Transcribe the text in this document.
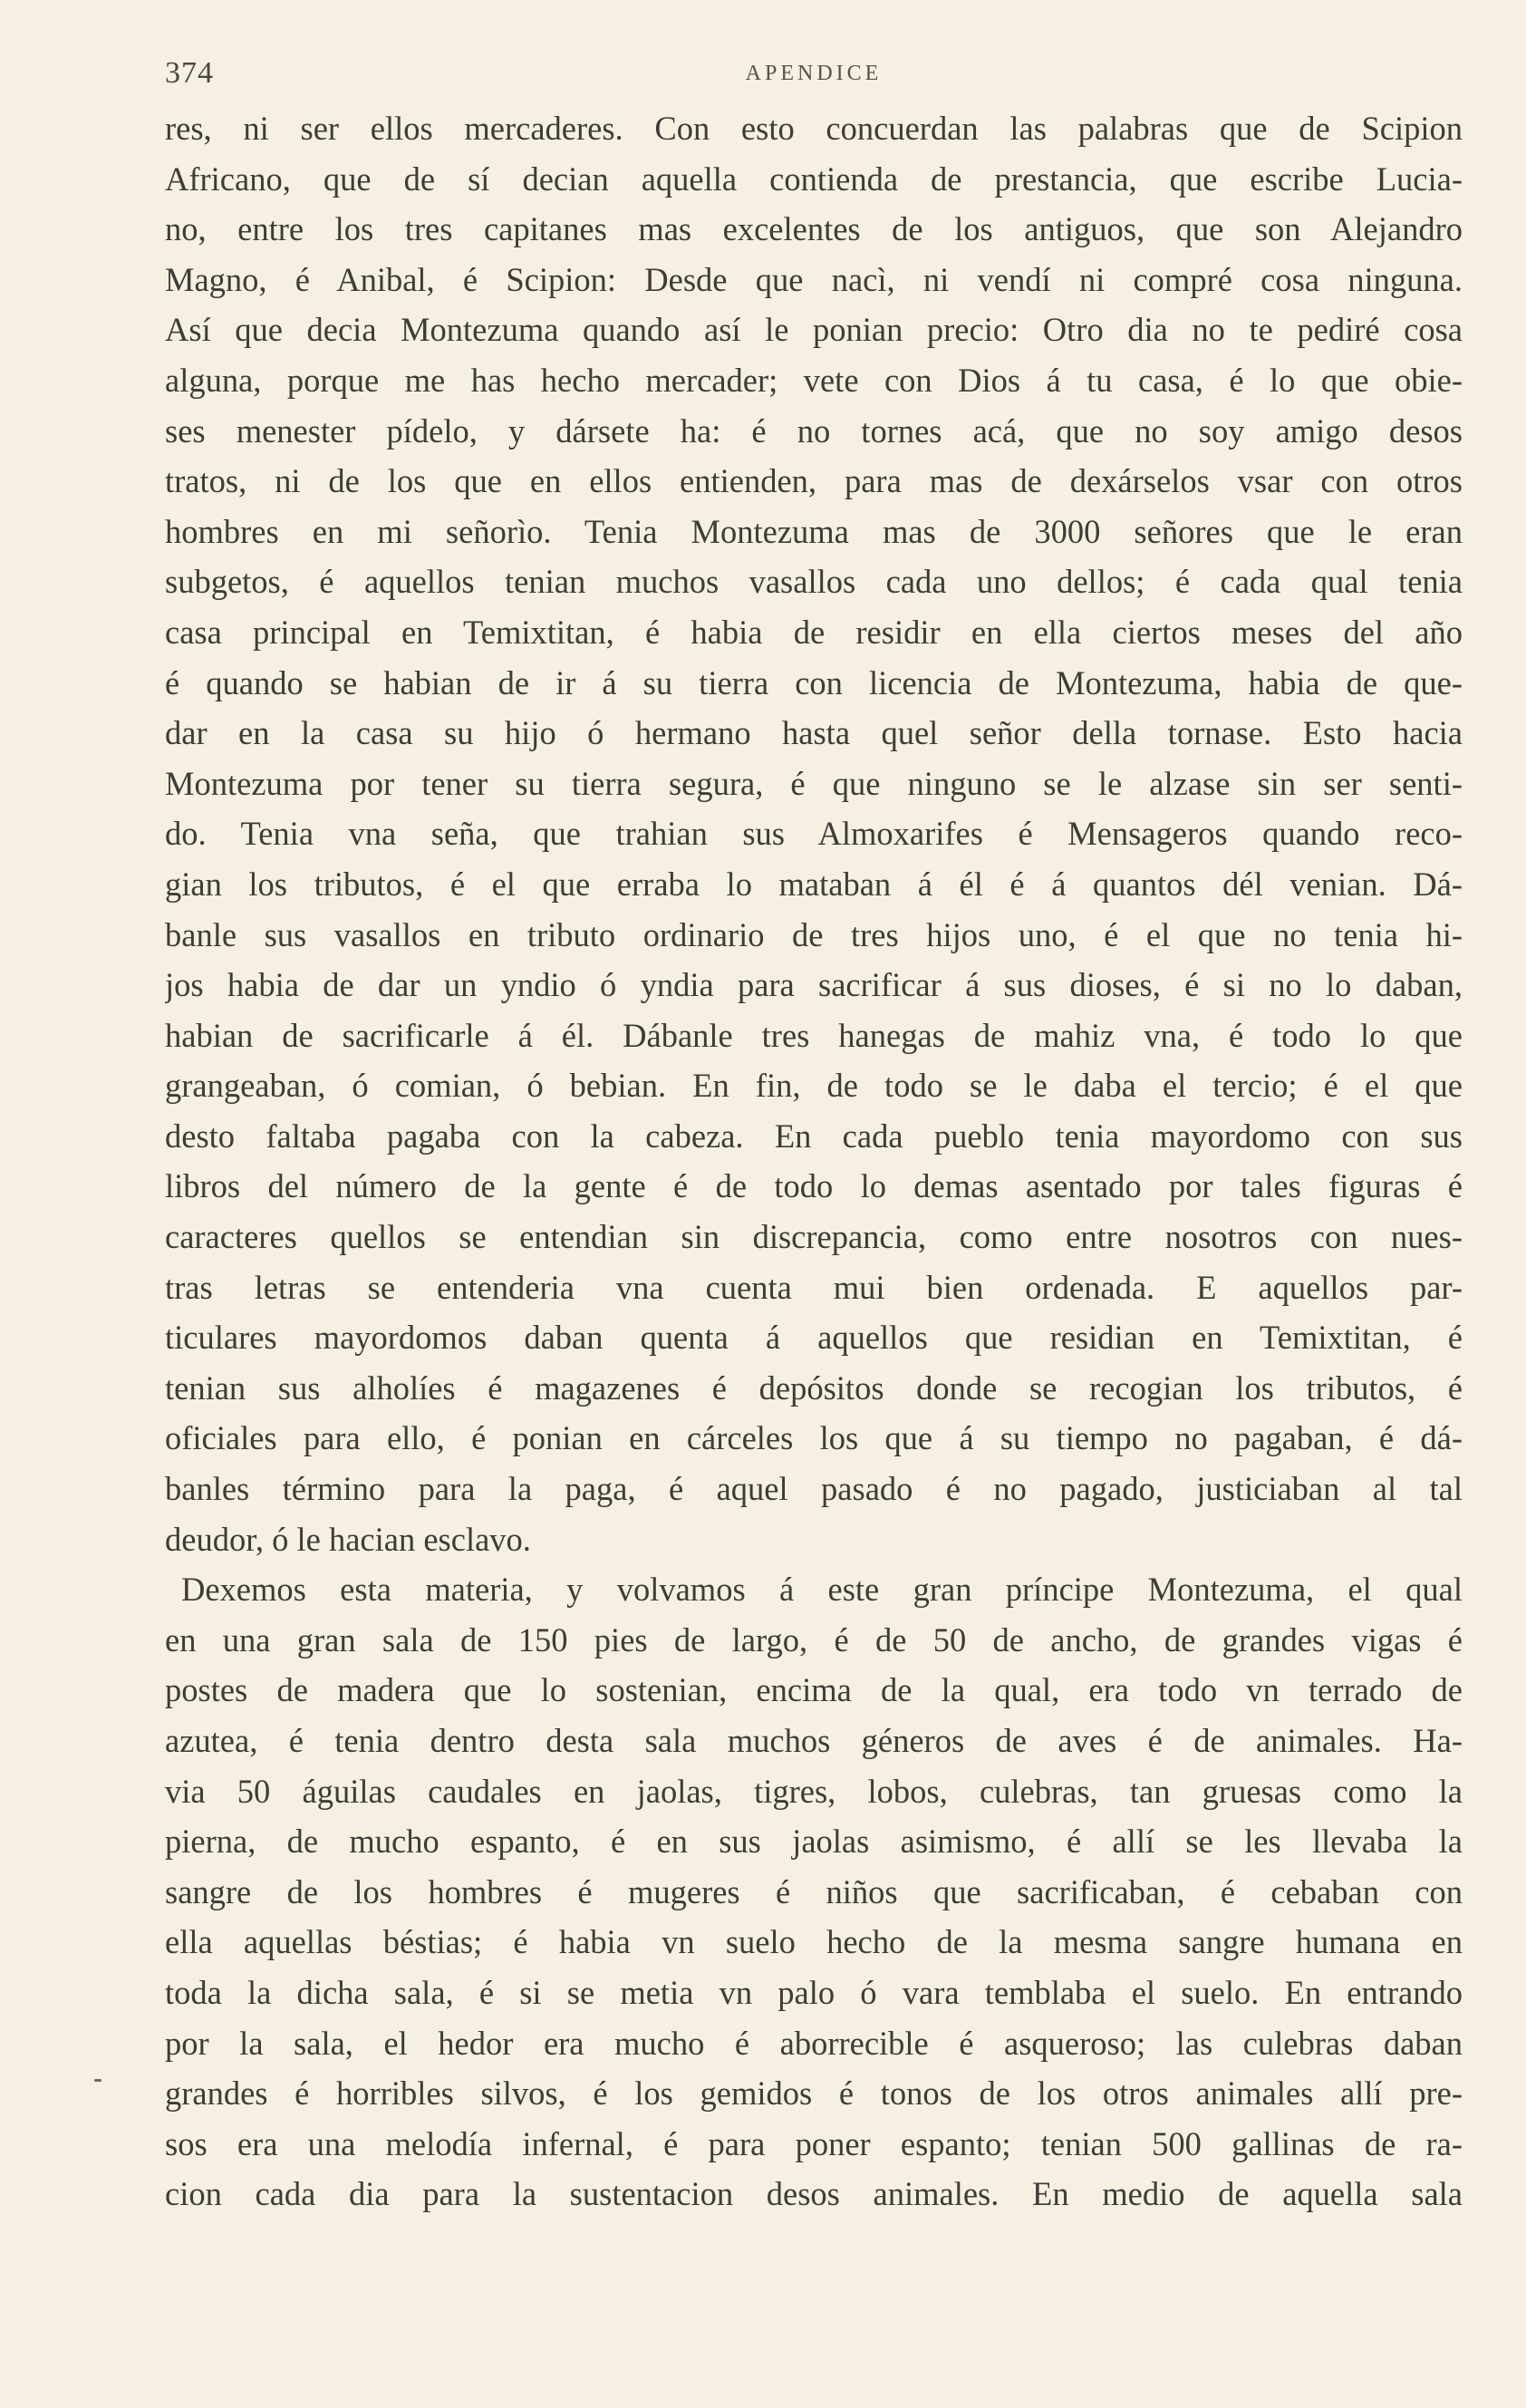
374	APENDICE
res, ni ser ellos mercaderes. Con esto concuerdan las palabras que de Scipion
Africano, que de sí decian aquella contienda de prestancia, que escribe Lucia-
no, entre los tres capitanes mas excelentes de los antiguos, que son Alejandro
Magno, é Anibal, é Scipion: Desde que nacì, ni vendí ni compré cosa ninguna.
Así que decia Montezuma quando así le ponian precio: Otro dia no te pediré cosa
alguna, porque me has hecho mercader; vete con Dios á tu casa, é lo que obie-
ses menester pídelo, y dársete ha: é no tornes acá, que no soy amigo desos
tratos, ni de los que en ellos entienden, para mas de dexárselos vsar con otros
hombres en mi señorìo. Tenia Montezuma mas de 3000 señores que le eran
subgetos, é aquellos tenian muchos vasallos cada uno dellos; é cada qual tenia
casa principal en Temixtitan, é habia de residir en ella ciertos meses del año
é quando se habian de ir á su tierra con licencia de Montezuma, habia de que-
dar en la casa su hijo ó hermano hasta quel señor della tornase. Esto hacia
Montezuma por tener su tierra segura, é que ninguno se le alzase sin ser senti-
do. Tenia vna seña, que trahian sus Almoxarifes é Mensageros quando reco-
gian los tributos, é el que erraba lo mataban á él é á quantos dél venian. Dá-
banle sus vasallos en tributo ordinario de tres hijos uno, é el que no tenia hi-
jos habia de dar un yndio ó yndia para sacrificar á sus dioses, é si no lo daban,
habian de sacrificarle á él. Dábanle tres hanegas de mahiz vna, é todo lo que
grangeaban, ó comian, ó bebian. En fin, de todo se le daba el tercio; é el que
desto faltaba pagaba con la cabeza. En cada pueblo tenia mayordomo con sus
libros del número de la gente é de todo lo demas asentado por tales figuras é
caracteres quellos se entendian sin discrepancia, como entre nosotros con nues-
tras letras se entenderia vna cuenta mui bien ordenada. E aquellos par-
ticulares mayordomos daban quenta á aquellos que residian en Temixtitan, é
tenian sus alholíes é magazenes é depósitos donde se recogian los tributos, é
oficiales para ello, é ponian en cárceles los que á su tiempo no pagaban, é dá-
banles término para la paga, é aquel pasado é no pagado, justiciaban al tal
deudor, ó le hacian esclavo.
Dexemos esta materia, y volvamos á este gran príncipe Montezuma, el qual
en una gran sala de 150 pies de largo, é de 50 de ancho, de grandes vigas é
postes de madera que lo sostenian, encima de la qual, era todo vn terrado de
azutea, é tenia dentro desta sala muchos géneros de aves é de animales. Ha-
via 50 águilas caudales en jaolas, tigres, lobos, culebras, tan gruesas como la
pierna, de mucho espanto, é en sus jaolas asimismo, é allí se les llevaba la
sangre de los hombres é mugeres é niños que sacrificaban, é cebaban con
ella aquellas béstias; é habia vn suelo hecho de la mesma sangre humana en
toda la dicha sala, é si se metia vn palo ó vara temblaba el suelo. En entrando
por la sala, el hedor era mucho é aborrecible é asqueroso; las culebras daban
grandes é horribles silvos, é los gemidos é tonos de los otros animales allí pre-
sos era una melodía infernal, é para poner espanto; tenian 500 gallinas de ra-
cion cada dia para la sustentacion desos animales. En medio de aquella sala
